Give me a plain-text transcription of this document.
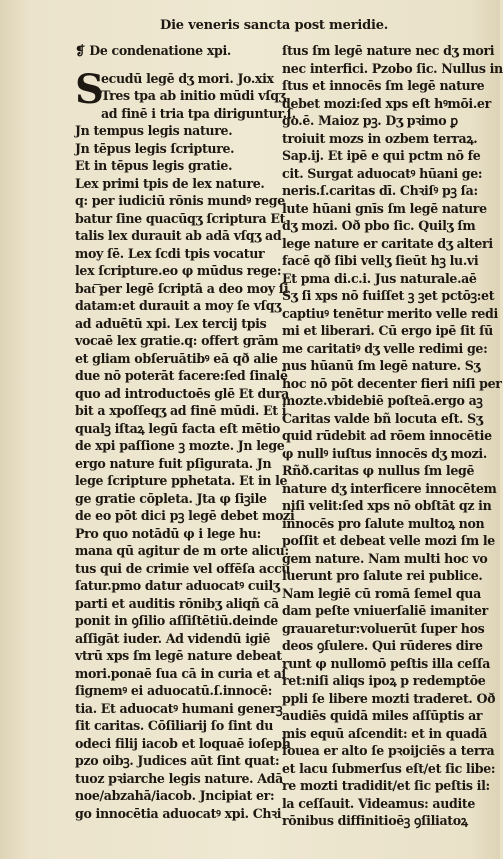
Die veneris sancta post meridie.
❡ De condenatione xpi.
S
ecudū legē dʒ mori. Jo.xix
Tres tpa ab initio mūdi vſqʒ
ad finē i tria tpa diriguntur.ſ.
Jn tempus legis nature.
Jn tēpus legis ſcripture.
Et in tēpus legis gratie.
Lex primi tpis de lex nature.
q: per iudiciū rōnis mundꝰ rege
batur ſine quacūqʒ ſcriptura Et
talis lex durauit ab adā vſqʒ ad
moy ſē. Lex ſcdi tpis vocatur
lex ſcripture.eo φ mūdus rege:
bat͞ per legē ſcriptā a deo moy ſi
datam:et durauit a moy ſe vſqʒ
ad aduētū xpi. Lex tercij tpis
vocaē lex gratie.q: offert grām
et gliam obſeruātibꝰ eā qð alie
due nō poterāt facere:ſed ſinalē
quo ad introductoēs glē Et dura
bit a xpoſſeqʒ ad finē mūdi. Et i
qualꝫ iſtaꝝ legū facta eſt mētio
de xpi paſſione ꝫ mozte. Jn lege
ergo nature fuit pſigurata. Jn
lege ſcripture pphetata. Et in le
ge gratie cōpleta. Jta φ ſiꝫile
de eo pōt dici pꝫ legē debet mozi
Pro quo notādū φ i lege hu:
mana qū agitur de m orte alicu:
tus qui de crimie vel offēſa accu
ſatur.pmo datur aduocatꝰ cuilʒ
parti et auditis rōnibʒ aliqñ cā
ponit in ꝯſilio aſſiſtētiū.deinde
aſſigāt iuder. Ad videndū igiē
vtrū xps ſm legē nature debeat
mori.ponaē ſua cā in curia et aſ
ſignemꝰ ei aduocatū.ſ.innocē:
tia. Et aduocatꝰ humani generꝫ
ſit caritas. Cōſiliarij ſo ſint du
odeci filij iacob et loquaē ioſeph
pzo oibꝫ. Judices aūt ſint quat:
tuoz pꝛiarche legis nature. Adā
noe/abzahā/iacob. Jncipiat er:
go innocētia aduocatꝰ xpi. Chꝛi
ſtus ſm legē nature nec dʒ mori
nec interfici. Pzobo ſic. Nullus in
ſtus et innocēs ſm legē nature
debet mozi:ſed xps eſt hꝰmōi.er
go.ē. Maioz pꝫ. Dʒ pꝛimo ꝑ
troiuit mozs in ozbem terraꝝ.
Sap.ij. Et ipē e qui pctm nō fe
cit. Surgat aduocatꝰ hūani ge:
neris.ſ.caritas dī. Chꝛiſꝰ pꝫ ſa:
lute hūani gnīs ſm legē nature
dʒ mozi. Oð pbo ſic. Quilʒ ſm
lege nature er caritate dʒ alteri
facē qð ſibi vellʒ ſieūt hꝫ lu.vi
Et pma di.c.i. Jus naturale.aē
Sʒ ſi xps nō fuiſſet ꝫ ꝫet pctōꝫ:et
captiuꝰ tenētur merito velle redi
mi et liberari. Cū ergo ipē ſit ſū
me caritatiꝰ dʒ velle redimi ge:
nus hūanū ſm legē nature. Sʒ
hoc nō pōt decenter fieri niſi per
mozte.vbidebiē poſteā.ergo aꝫ
Caritas valde bñ locuta eſt. Sʒ
quid rūdebit ad rōem innocētie
φ nullꝰ iuſtus innocēs dʒ mozi.
Rñð.caritas φ nullus ſm legē
nature dʒ interficere innocētem
niſi velit:ſed xps nō obſtāt qz in
innocēs pro ſalute multoꝝ non
poſſit et debeat velle mozi ſm le
gem nature. Nam multi hoc vo
luerunt pro ſalute rei publice.
Nam legiē cū romā ſemel qua
dam peſte vniuerſaliē imaniter
grauaretur:voluerūt ſuper hos
deos ꝯſulere. Qui rūderes dire
runt φ nullomō peſtis illa ceſſa
ret:niſi aliqs ipoꝝ p redemptōe
ppli ſe libere mozti traderet. Oð
audiēs quidā miles aſſūptis ar
mis equū aſcendit: et in quadā
fouea er alto ſe pꝛoijciēs a terra
et lacu ſubmerſus eſt/et ſic libe:
re mozti tradidit/et ſic peſtis il:
la ceſſauit. Videamus: audite
rōnibus diffinitioēꝫ ꝯſiliatoꝝ
